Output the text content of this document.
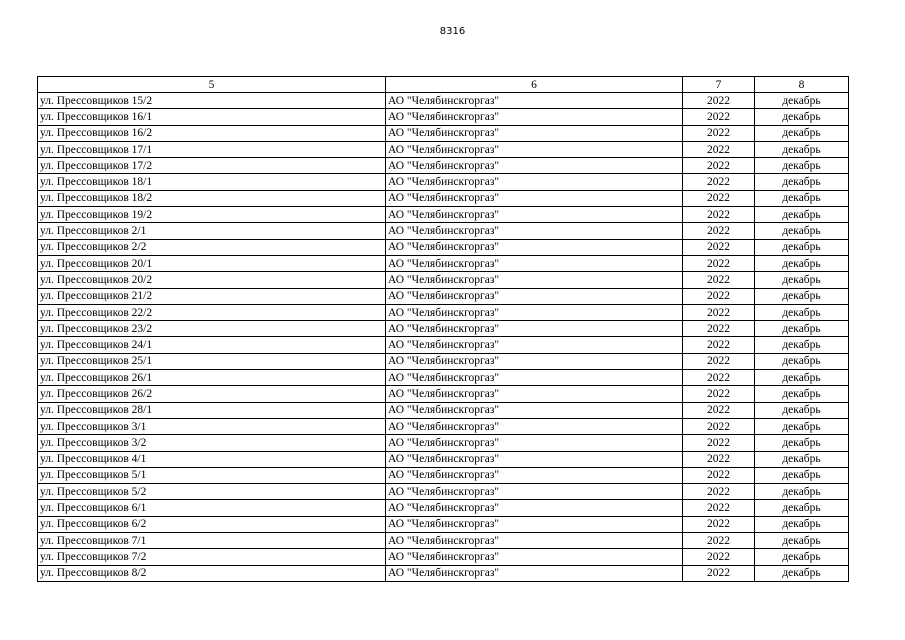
8316
5	6	7	8
ул. Прессовщиков 15/2	АО "Челябинскгоргаз"	2022	декабрь
ул. Прессовщиков 16/1	АО "Челябинскгоргаз"	2022	декабрь
ул. Прессовщиков 16/2	АО "Челябинскгоргаз"	2022	декабрь
ул. Прессовщиков 17/1	АО "Челябинскгоргаз"	2022	декабрь
ул. Прессовщиков 17/2	АО "Челябинскгоргаз"	2022	декабрь
ул. Прессовщиков 18/1	АО "Челябинскгоргаз"	2022	декабрь
ул. Прессовщиков 18/2	АО "Челябинскгоргаз"	2022	декабрь
ул. Прессовщиков 19/2	АО "Челябинскгоргаз"	2022	декабрь
ул. Прессовщиков 2/1	АО "Челябинскгоргаз"	2022	декабрь
ул. Прессовщиков 2/2	АО "Челябинскгоргаз"	2022	декабрь
ул. Прессовщиков 20/1	АО "Челябинскгоргаз"	2022	декабрь
ул. Прессовщиков 20/2	АО "Челябинскгоргаз"	2022	декабрь
ул. Прессовщиков 21/2	АО "Челябинскгоргаз"	2022	декабрь
ул. Прессовщиков 22/2	АО "Челябинскгоргаз"	2022	декабрь
ул. Прессовщиков 23/2	АО "Челябинскгоргаз"	2022	декабрь
ул. Прессовщиков 24/1	АО "Челябинскгоргаз"	2022	декабрь
ул. Прессовщиков 25/1	АО "Челябинскгоргаз"	2022	декабрь
ул. Прессовщиков 26/1	АО "Челябинскгоргаз"	2022	декабрь
ул. Прессовщиков 26/2	АО "Челябинскгоргаз"	2022	декабрь
ул. Прессовщиков 28/1	АО "Челябинскгоргаз"	2022	декабрь
ул. Прессовщиков 3/1	АО "Челябинскгоргаз"	2022	декабрь
ул. Прессовщиков 3/2	АО "Челябинскгоргаз"	2022	декабрь
ул. Прессовщиков 4/1	АО "Челябинскгоргаз"	2022	декабрь
ул. Прессовщиков 5/1	АО "Челябинскгоргаз"	2022	декабрь
ул. Прессовщиков 5/2	АО "Челябинскгоргаз"	2022	декабрь
ул. Прессовщиков 6/1	АО "Челябинскгоргаз"	2022	декабрь
ул. Прессовщиков 6/2	АО "Челябинскгоргаз"	2022	декабрь
ул. Прессовщиков 7/1	АО "Челябинскгоргаз"	2022	декабрь
ул. Прессовщиков 7/2	АО "Челябинскгоргаз"	2022	декабрь
ул. Прессовщиков 8/2	АО "Челябинскгоргаз"	2022	декабрь
